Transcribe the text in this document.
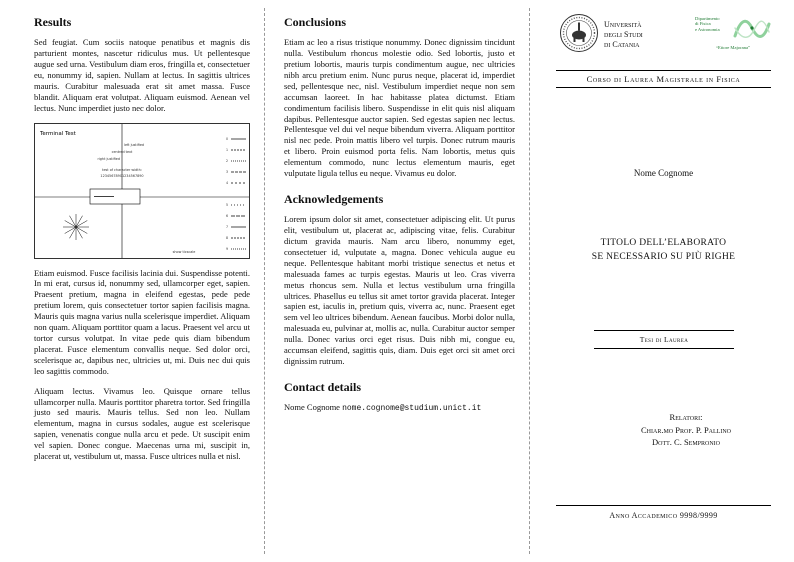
Results

Sed feugiat. Cum sociis natoque penatibus et magnis dis parturient montes, nascetur ridiculus mus. Ut pellentesque augue sed urna. Vestibulum diam eros, fringilla et, consectetuer eu, nonummy id, sapien. Nullam at lectus. In sagittis ultrices mauris. Curabitur malesuada erat sit amet massa. Fusce blandit. Aliquam erat volutpat. Aliquam euismod. Aenean vel lectus. Nunc imperdiet justo nec dolor.

Terminal Test
left justified
centred text
right justified
test of character width:
12345678901234567890
0
1
2
3
4
5
6
7
8
9
show ticscale

Etiam euismod. Fusce facilisis lacinia dui. Suspendisse potenti. In mi erat, cursus id, nonummy sed, ullamcorper eget, sapien. Praesent pretium, magna in eleifend egestas, pede pede pretium lorem, quis consectetuer tortor sapien facilisis magna. Mauris quis magna varius nulla scelerisque imperdiet. Aliquam non quam. Aliquam porttitor quam a lacus. Praesent vel arcu ut tortor cursus volutpat. In vitae pede quis diam bibendum placerat. Fusce elementum convallis neque. Sed dolor orci, scelerisque ac, dapibus nec, ultricies ut, mi. Duis nec dui quis leo sagittis commodo.

Aliquam lectus. Vivamus leo. Quisque ornare tellus ullamcorper nulla. Mauris porttitor pharetra tortor. Sed fringilla justo sed mauris. Mauris tellus. Sed non leo. Nullam elementum, magna in cursus sodales, augue est scelerisque sapien, venenatis congue nulla arcu et pede. Ut suscipit enim vel sapien. Donec congue. Maecenas urna mi, suscipit in, placerat ut, vestibulum ut, massa. Fusce ultrices nulla et nisl.

Conclusions

Etiam ac leo a risus tristique nonummy. Donec dignissim tincidunt nulla. Vestibulum rhoncus molestie odio. Sed lobortis, justo et pretium lobortis, mauris turpis condimentum augue, nec ultricies nibh arcu pretium enim. Nunc purus neque, placerat id, imperdiet sed, pellentesque nec, nisl. Vestibulum imperdiet neque non sem accumsan laoreet. In hac habitasse platea dictumst. Etiam condimentum facilisis libero. Suspendisse in elit quis nisl aliquam dapibus. Pellentesque auctor sapien. Sed egestas sapien nec lectus. Pellentesque vel dui vel neque bibendum viverra. Aliquam porttitor nisl nec pede. Proin mattis libero vel turpis. Donec rutrum mauris et libero. Proin euismod porta felis. Nam lobortis, metus quis elementum commodo, nunc lectus elementum mauris, eget vulputate ligula tellus eu neque. Vivamus eu dolor.

Acknowledgements

Lorem ipsum dolor sit amet, consectetuer adipiscing elit. Ut purus elit, vestibulum ut, placerat ac, adipiscing vitae, felis. Curabitur dictum gravida mauris. Nam arcu libero, nonummy eget, consectetuer id, vulputate a, magna. Donec vehicula augue eu neque. Pellentesque habitant morbi tristique senectus et netus et malesuada fames ac turpis egestas. Mauris ut leo. Cras viverra metus rhoncus sem. Nulla et lectus vestibulum urna fringilla ultrices. Phasellus eu tellus sit amet tortor gravida placerat. Integer sapien est, iaculis in, pretium quis, viverra ac, nunc. Praesent eget sem vel leo ultrices bibendum. Aenean faucibus. Morbi dolor nulla, malesuada eu, pulvinar at, mollis ac, nulla. Curabitur auctor semper nulla. Donec varius orci eget risus. Duis nibh mi, congue eu, accumsan eleifend, sagittis quis, diam. Duis eget orci sit amet orci dignissim rutrum.

Contact details

Nome Cognome nome.cognome@studium.unict.it

Università
degli Studi
di Catania
Dipartimento
di Fisica
e Astronomia
“Ettore Majorana”
Corso di Laurea Magistrale in Fisica
Nome Cognome
TITOLO DELL’ELABORATO
SE NECESSARIO SU PIÙ RIGHE
Tesi di Laurea
Relatori:
Chiar.mo Prof. P. Pallino
Dott. C. Sempronio
Anno Accademico 9998/9999
